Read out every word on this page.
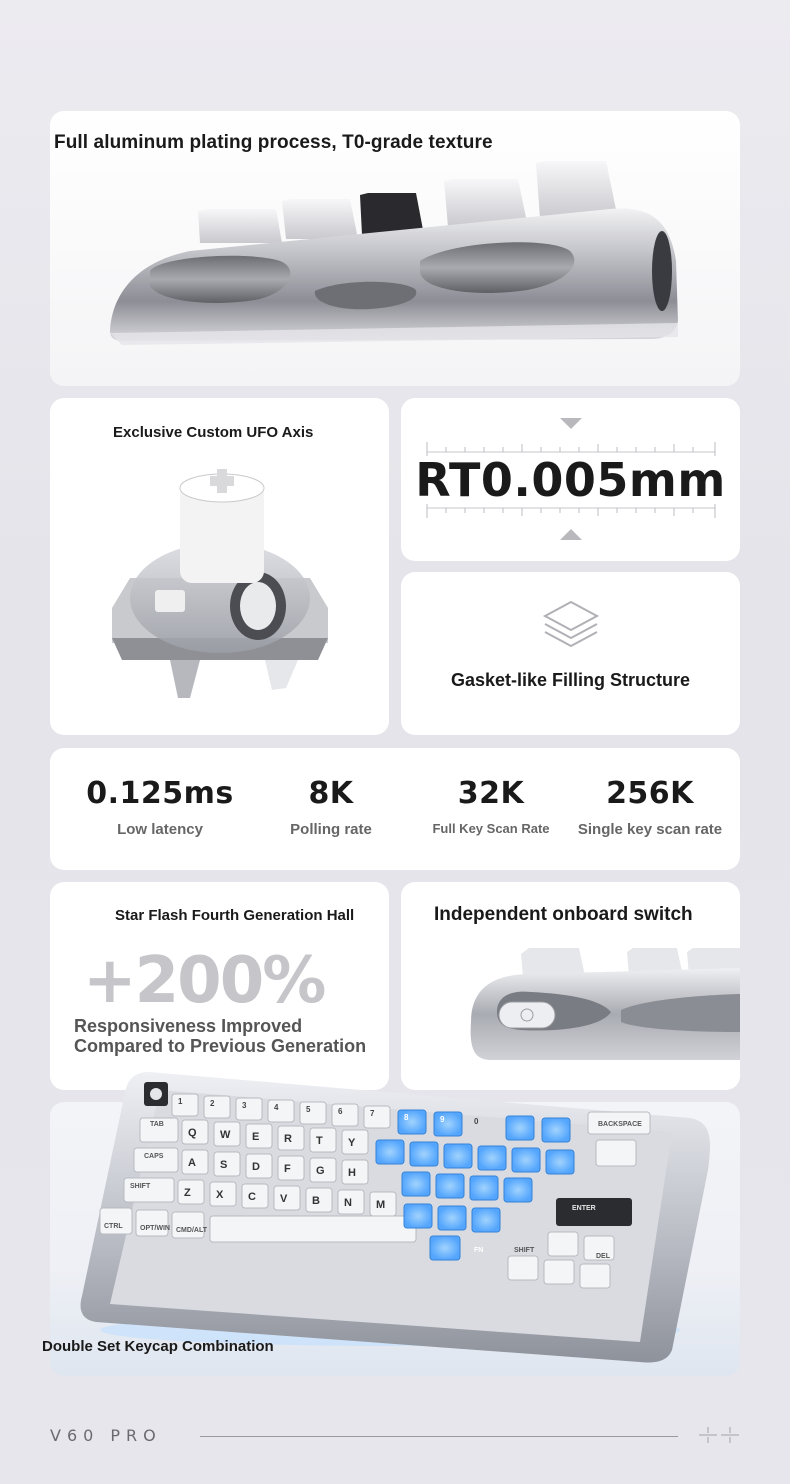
Full aluminum plating process, T0-grade texture
Exclusive Custom UFO Axis
RT0.005mm
Gasket-like Filling Structure
0.125ms
Low latency
8K
Polling rate
32K
Full Key Scan Rate
256K
Single key scan rate
Star Flash Fourth Generation Hall
+200%
Responsiveness Improved
Compared to Previous Generation
Independent onboard switch
TAB
CAPS
SHIFT
CTRL OPT/WIN CMD/ALT
BACKSPACE
ENTER
SHIFT
DEL
FN
Q W E R T Y
A S D F G H
Z X C V B N M
1	2	3	4	5	6	7	8	9	0
Double Set Keycap Combination
V60 PRO
